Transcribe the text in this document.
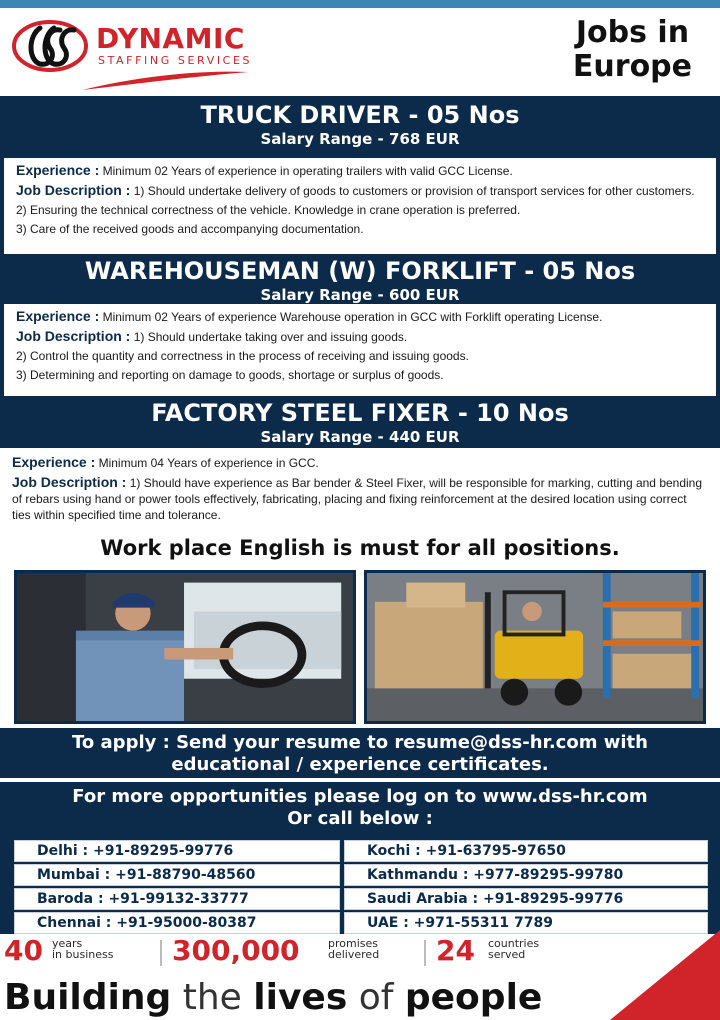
DYNAMIC
STAFFING SERVICES
Jobs in
Europe
TRUCK DRIVER - 05 Nos
Salary Range - 768 EUR

Experience : Minimum 02 Years of experience in operating trailers with valid GCC License.

Job Description : 1) Should undertake delivery of goods to customers or provision of transport services for other customers.

2) Ensuring the technical correctness of the vehicle. Knowledge in crane operation is preferred.

3) Care of the received goods and accompanying documentation.

WAREHOUSEMAN (W) FORKLIFT - 05 Nos
Salary Range - 600 EUR

Experience : Minimum 02 Years of experience Warehouse operation in GCC with Forklift operating License.

Job Description : 1) Should undertake taking over and issuing goods.

2) Control the quantity and correctness in the process of receiving and issuing goods.

3) Determining and reporting on damage to goods, shortage or surplus of goods.

FACTORY STEEL FIXER - 10 Nos
Salary Range - 440 EUR

Experience : Minimum 04 Years of experience in GCC.

Job Description : 1) Should have experience as Bar bender & Steel Fixer, will be responsible for marking, cutting and bending of rebars using hand or power tools effectively, fabricating, placing and fixing reinforcement at the desired location using correct ties within specified time and tolerance.

Work place English is must for all positions.
To apply : Send your resume to resume@dss-hr.com with
educational / experience certificates.
For more opportunities please log on to www.dss-hr.com
Or call below :
Delhi : +91-89295-99776
Mumbai : +91-88790-48560
Baroda : +91-99132-33777
Chennai : +91-95000-80387
Kochi : +91-63795-97650
Kathmandu : +977-89295-99780
Saudi Arabia : +91-89295-99776
UAE : +971-55311 7789
40 years
in business 300,000	promises
delivered 24 countries
served
Building the lives of people
